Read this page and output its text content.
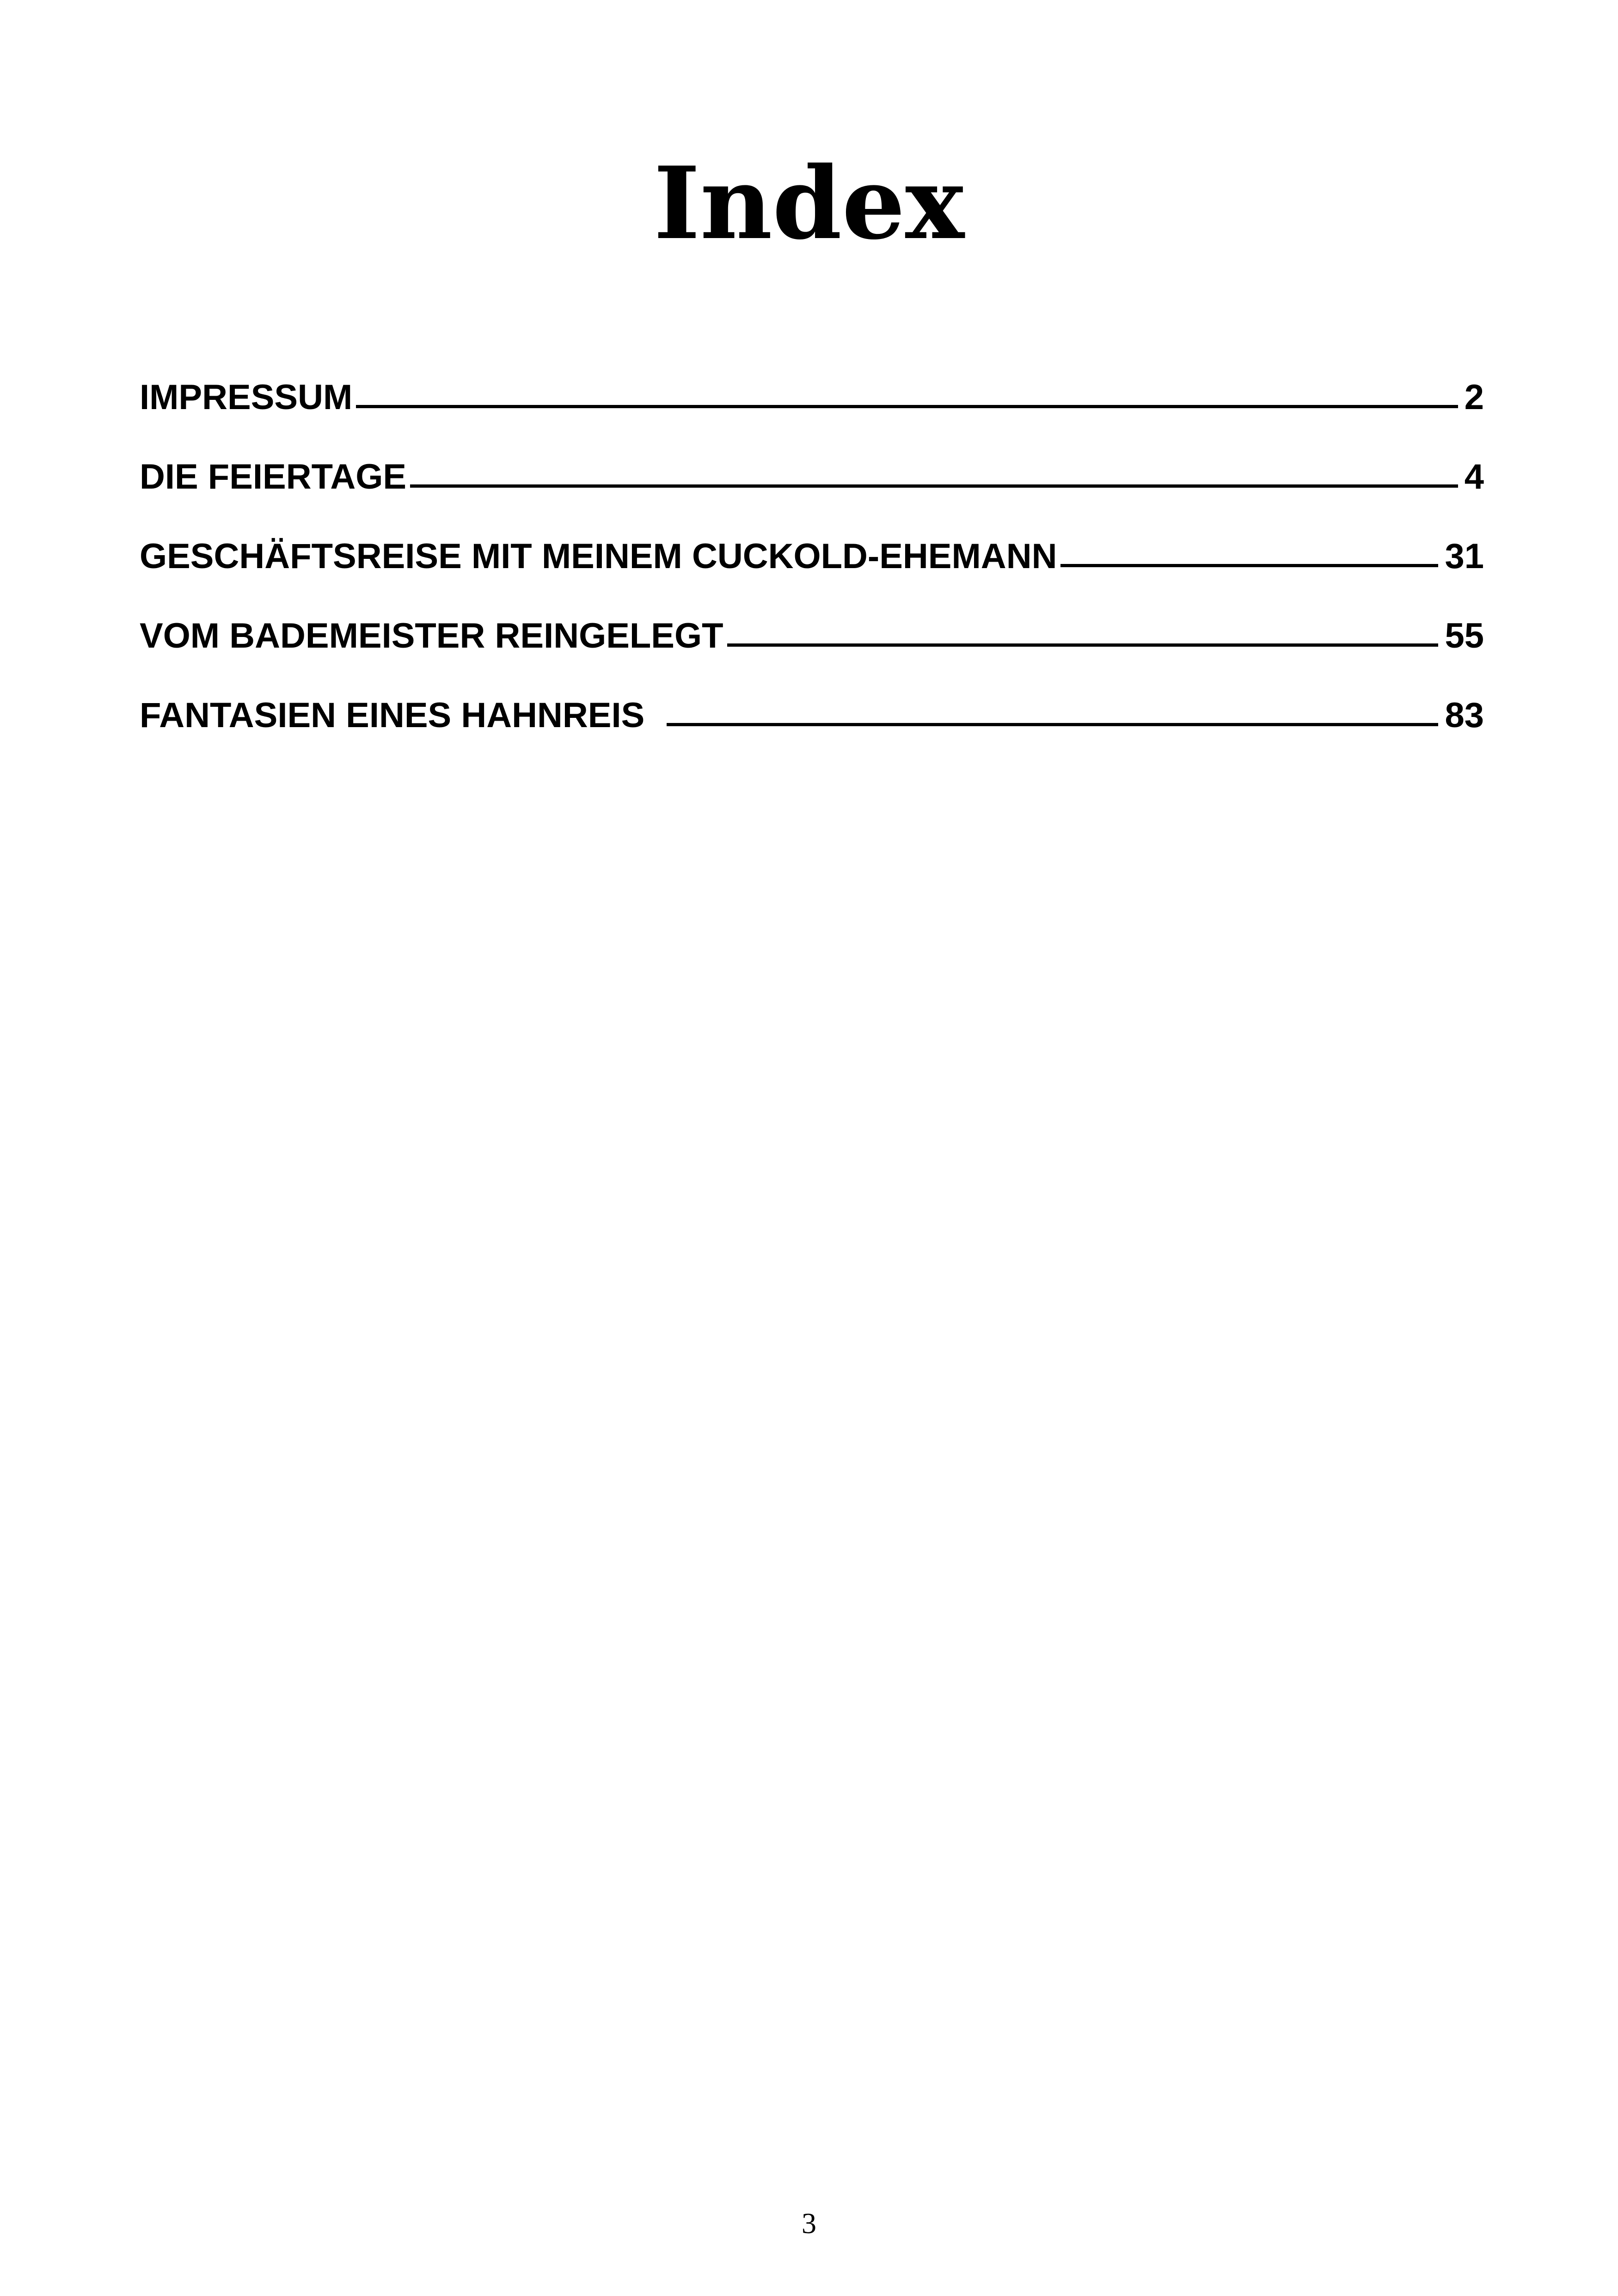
Index
IMPRESSUM	2
DIE FEIERTAGE	4
GESCHÄFTSREISE MIT MEINEM CUCKOLD-EHEMANN	31
VOM BADEMEISTER REINGELEGT	55
FANTASIEN EINES HAHNREIS	83
3
